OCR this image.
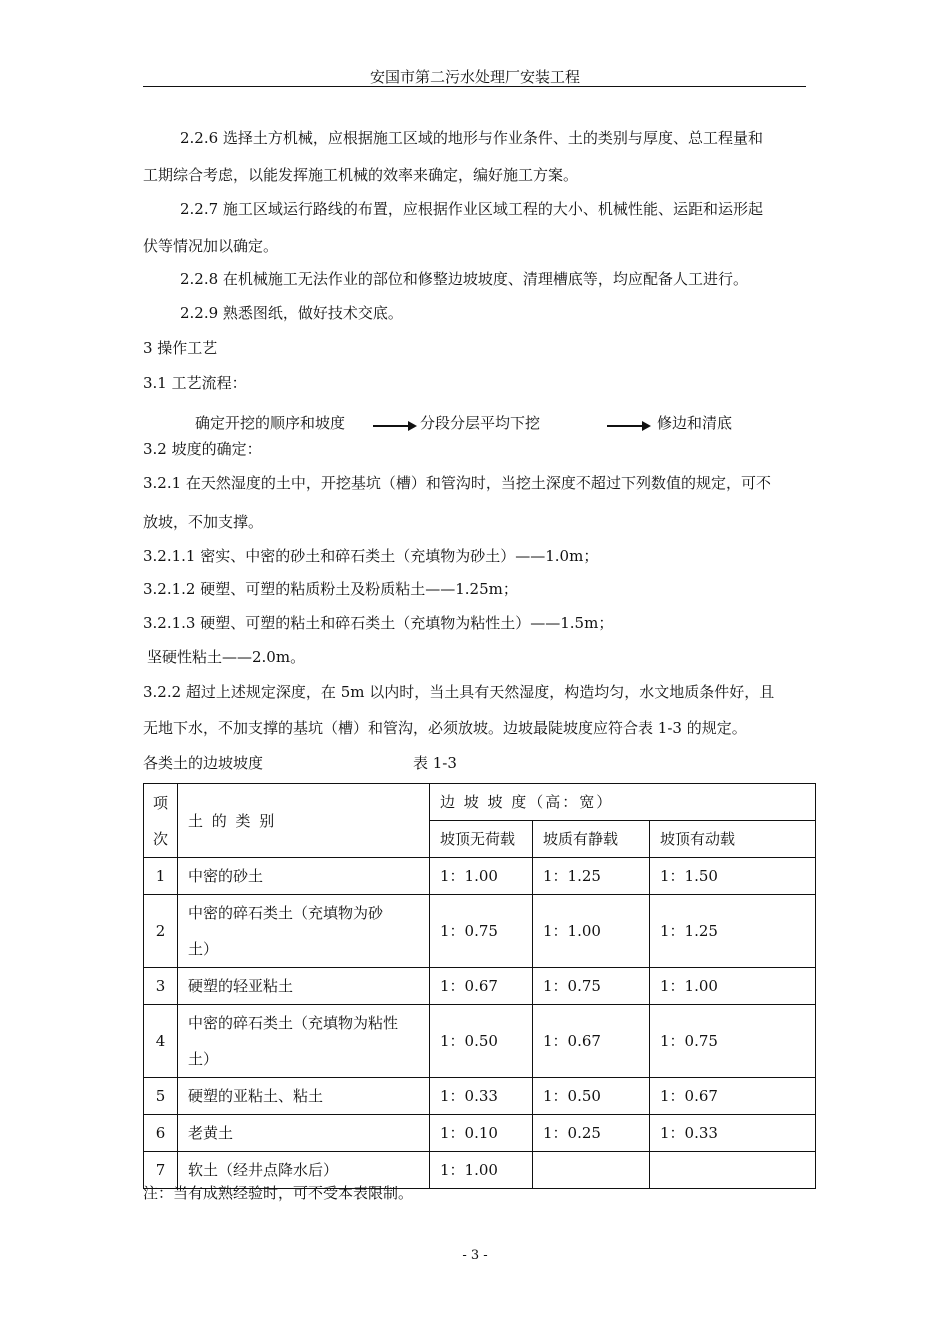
安国市第二污水处理厂安装工程
2.2.6 选择土方机械，应根据施工区域的地形与作业条件、土的类别与厚度、总工程量和
工期综合考虑，以能发挥施工机械的效率来确定，编好施工方案。
2.2.7 施工区域运行路线的布置，应根据作业区域工程的大小、机械性能、运距和运形起
伏等情况加以确定。
2.2.8 在机械施工无法作业的部位和修整边坡坡度、清理槽底等，均应配备人工进行。
2.2.9 熟悉图纸，做好技术交底。
3 操作工艺
3.1 工艺流程：
确定开挖的顺序和坡度	分段分层平均下挖	修边和清底
3.2 坡度的确定：
3.2.1 在天然湿度的土中，开挖基坑（槽）和管沟时，当挖土深度不超过下列数值的规定，可不
放坡，不加支撑。
3.2.1.1 密实、中密的砂土和碎石类土（充填物为砂土）——1.0m；
3.2.1.2 硬塑、可塑的粘质粉土及粉质粘土——1.25m；
3.2.1.3 硬塑、可塑的粘土和碎石类土（充填物为粘性土）——1.5m；
坚硬性粘土——2.0m。
3.2.2 超过上述规定深度，在 5m 以内时，当土具有天然湿度，构造均匀，水文地质条件好，且
无地下水，不加支撑的基坑（槽）和管沟，必须放坡。边坡最陡坡度应符合表 1-3 的规定。
各类土的边坡坡度	表 1-3
项
次	土 的 类 别	边 坡 坡 度（高：宽）		
		坡顶无荷载	坡质有静载	坡顶有动载
1	中密的砂土	1：1.00	1：1.25	1：1.50
2	中密的碎石类土（充填物为砂
土）	1：0.75	1：1.00	1：1.25
3	硬塑的轻亚粘土	1：0.67	1：0.75	1：1.00
4	中密的碎石类土（充填物为粘性
土）	1：0.50	1：0.67	1：0.75
5	硬塑的亚粘土、粘土	1：0.33	1：0.50	1：0.67
6	老黄土	1：0.10	1：0.25	1：0.33
7	软土（经井点降水后）	1：1.00		
注：当有成熟经验时，可不受本表限制。
- 3 -
